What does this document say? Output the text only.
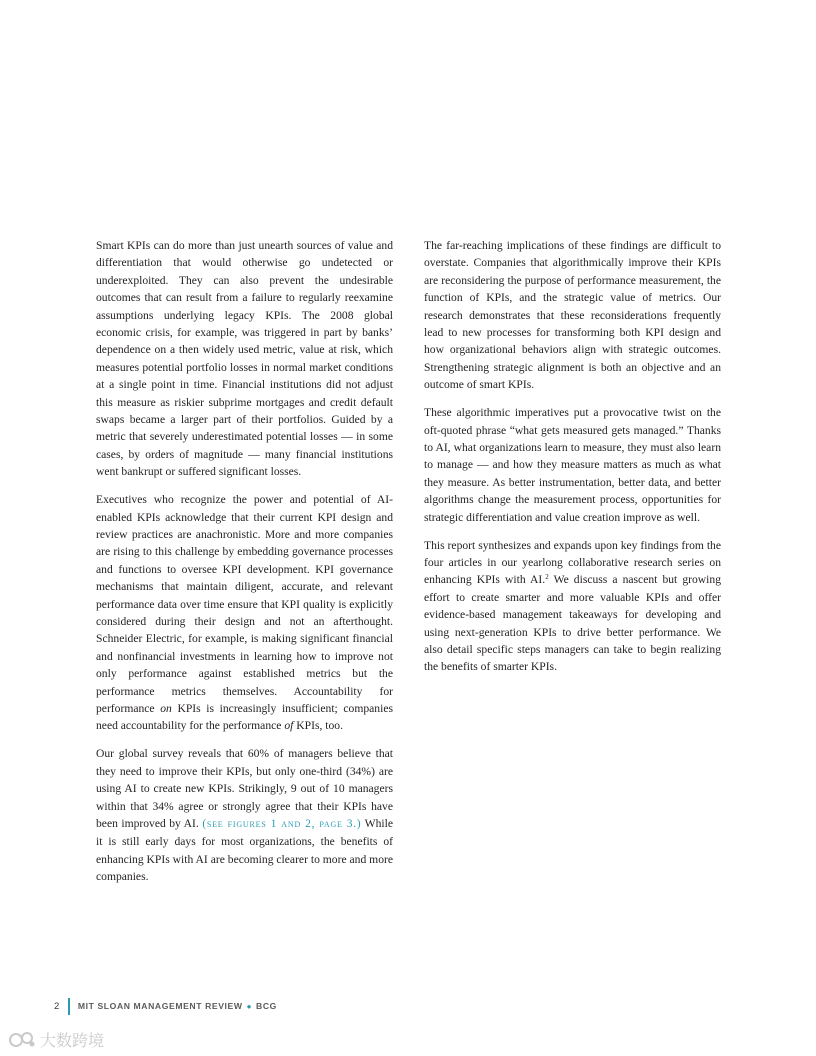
Smart KPIs can do more than just unearth sources of value and differentiation that would otherwise go undetected or underexploited. They can also prevent the undesirable outcomes that can result from a failure to regularly reexamine assumptions underlying legacy KPIs. The 2008 global economic crisis, for example, was triggered in part by banks’ dependence on a then widely used metric, value at risk, which measures potential portfolio losses in normal market conditions at a single point in time. Financial institutions did not adjust this measure as riskier subprime mortgages and credit default swaps became a larger part of their portfolios. Guided by a metric that severely underestimated potential losses — in some cases, by orders of magnitude — many financial institutions went bankrupt or suffered significant losses.

Executives who recognize the power and potential of AI-enabled KPIs acknowledge that their current KPI design and review practices are anachronistic. More and more companies are rising to this challenge by embedding governance processes and functions to oversee KPI development. KPI governance mechanisms that maintain diligent, accurate, and relevant performance data over time ensure that KPI quality is explicitly considered during their design and not an afterthought. Schneider Electric, for example, is making significant financial and nonfinancial investments in learning how to improve not only performance against established metrics but the performance metrics themselves. Accountability for performance on KPIs is increasingly insufficient; companies need accountability for the performance of KPIs, too.

Our global survey reveals that 60% of managers believe that they need to improve their KPIs, but only one-third (34%) are using AI to create new KPIs. Strikingly, 9 out of 10 managers within that 34% agree or strongly agree that their KPIs have been improved by AI. (see figures 1 and 2, page 3.) While it is still early days for most organizations, the benefits of enhancing KPIs with AI are becoming clearer to more and more companies.

The far-reaching implications of these findings are difficult to overstate. Companies that algorithmically improve their KPIs are reconsidering the purpose of performance measurement, the function of KPIs, and the strategic value of metrics. Our research demonstrates that these reconsiderations frequently lead to new processes for transforming both KPI design and how organizational behaviors align with strategic outcomes. Strengthening strategic alignment is both an objective and an outcome of smart KPIs.

These algorithmic imperatives put a provocative twist on the oft-quoted phrase “what gets measured gets managed.” Thanks to AI, what organizations learn to measure, they must also learn to manage — and how they measure matters as much as what they measure. As better instrumentation, better data, and better algorithms change the measurement process, opportunities for strategic differentiation and value creation improve as well.

This report synthesizes and expands upon key findings from the four articles in our yearlong collaborative research series on enhancing KPIs with AI.$^2$ We discuss a nascent but growing effort to create smarter and more valuable KPIs and offer evidence-based management takeaways for developing and using next-generation KPIs to drive better performance. We also detail specific steps managers can take to begin realizing the benefits of smarter KPIs.

2 MIT SLOAN MANAGEMENT REVIEW ● BCG
大数跨境
